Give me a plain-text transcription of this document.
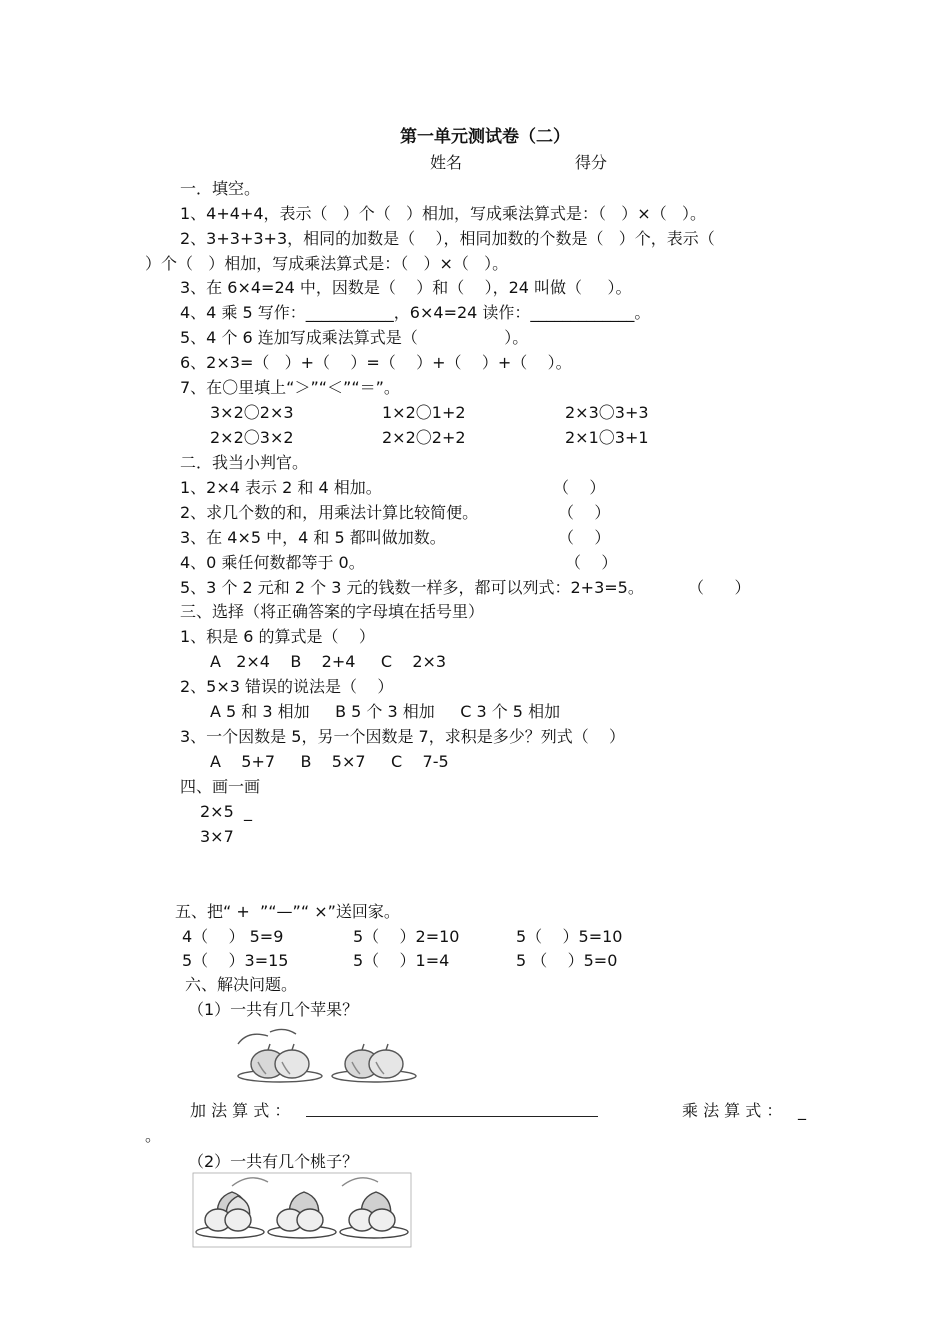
第一单元测试卷（二）
姓名	得分
一．填空。
1、4+4+4，表示（   ）个（   ）相加，写成乘法算式是：（   ）×（   ）。
2、3+3+3+3，相同的加数是（    ），相同加数的个数是（   ）个，表示（
）个（   ）相加，写成乘法算式是：（   ）×（   ）。
3、在 6×4=24 中，因数是（    ）和（    ），24 叫做（     ）。
4、4 乘 5 写作：___________，6×4=24 读作：_____________。
5、4 个 6 连加写成乘法算式是（                 ）。
6、2×3=（   ）+（    ）=（    ）+（    ）+（    ）。
7、在〇里填上“＞”“＜”“＝”。
3×2〇2×3	1×2〇1+2	2×3〇3+3
2×2〇3×2	2×2〇2+2	2×1〇3+1
二．我当小判官。
1、2×4 表示 2 和 4 相加。	（    ）
2、求几个数的和，用乘法计算比较简便。	（    ）
3、在 4×5 中，4 和 5 都叫做加数。	（    ）
4、0 乘任何数都等于 0。	（    ）
5、3 个 2 元和 2 个 3 元的钱数一样多，都可以列式：2+3=5。	（      ）
三、选择（将正确答案的字母填在括号里）
1、积是 6 的算式是（    ）
A   2×4    B    2+4     C    2×3
2、5×3 错误的说法是（    ）
A 5 和 3 相加     B 5 个 3 相加     C 3 个 5 相加
3、一个因数是 5，另一个因数是 7，求积是多少？列式（    ）
A    5+7     B    5×7     C    7-5
四、画一画
2×5  _
3×7
五、把“ +  ”“—”“ ×”送回家。
4（    ） 5=9	5（    ）2=10	5（    ）5=10
5（    ）3=15	5（    ）1=4	5 （    ）5=0
六、解决问题。
（1）一共有几个苹果？
加 法 算 式 ：	乘 法 算 式 ： _
。
（2）一共有几个桃子？
